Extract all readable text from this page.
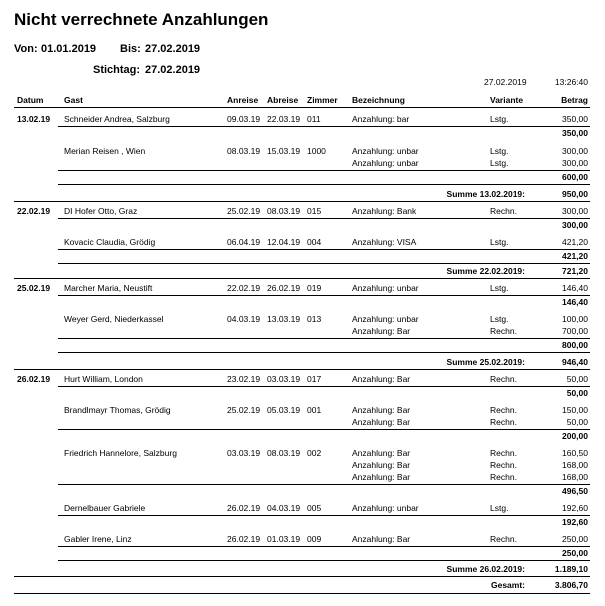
Nicht verrechnete Anzahlungen
Von: 01.01.2019 Bis: 27.02.2019
Stichtag: 27.02.2019
27.02.2019	13:26:40
Datum Gast	Anreise Abreise Zimmer Bezeichnung	Variante	Betrag
13.02.19 Schneider Andrea, Salzburg	09.03.19 22.03.19 011	Anzahlung: bar	Lstg.	350,00
350,00
Merian Reisen , Wien	08.03.19 15.03.19 1000	Anzahlung: unbar	Lstg.	300,00
Anzahlung: unbar	Lstg.	300,00
600,00
Summe 13.02.2019:	950,00
22.02.19 DI Hofer Otto, Graz	25.02.19 08.03.19 015	Anzahlung: Bank	Rechn.	300,00
300,00
Kovacic Claudia, Grödig	06.04.19 12.04.19 004	Anzahlung: VISA	Lstg.	421,20
421,20
Summe 22.02.2019:	721,20
25.02.19 Marcher Maria, Neustift	22.02.19 26.02.19 019	Anzahlung: unbar	Lstg.	146,40
146,40
Weyer Gerd, Niederkassel	04.03.19 13.03.19 013	Anzahlung: unbar	Lstg.	100,00
Anzahlung: Bar	Rechn.	700,00
800,00
Summe 25.02.2019:	946,40
26.02.19 Hurt William, London	23.02.19 03.03.19 017	Anzahlung: Bar	Rechn.	50,00
50,00
Brandlmayr Thomas, Grödig	25.02.19 05.03.19 001	Anzahlung: Bar	Rechn.	150,00
Anzahlung: Bar	Rechn.	50,00
200,00
Friedrich Hannelore, Salzburg	03.03.19 08.03.19 002	Anzahlung: Bar	Rechn.	160,50
Anzahlung: Bar	Rechn.	168,00
Anzahlung: Bar	Rechn.	168,00
496,50
Dernelbauer Gabriele	26.02.19 04.03.19 005	Anzahlung: unbar	Lstg.	192,60
192,60
Gabler Irene, Linz	26.02.19 01.03.19 009	Anzahlung: Bar	Rechn.	250,00
250,00
Summe 26.02.2019:	1.189,10
Gesamt:	3.806,70
